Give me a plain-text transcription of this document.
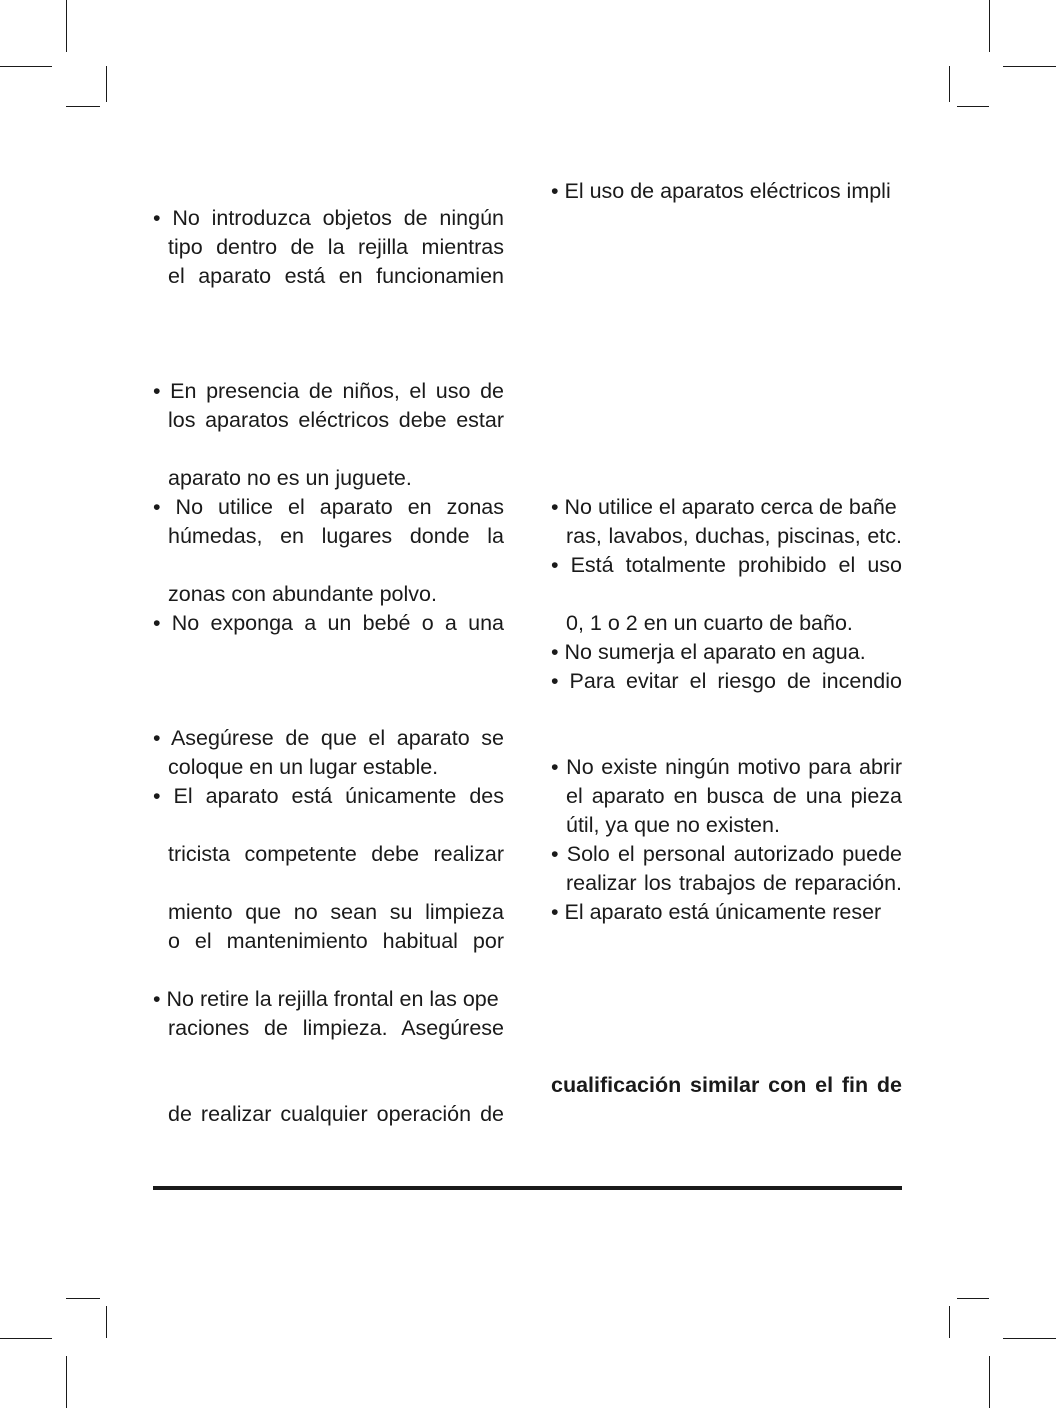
• No introduzca objetos de ningún
tipo dentro de la rejilla mientras
el aparato está en funcionamien
• En presencia de niños, el uso de
los aparatos eléctricos debe estar
aparato no es un juguete.
• No utilice el aparato en zonas
húmedas, en lugares donde la
zonas con abundante polvo.
• No exponga a un bebé o a una
• Asegúrese de que el aparato se
coloque en un lugar estable.
• El aparato está únicamente des
tricista competente debe realizar
miento que no sean su limpieza
o el mantenimiento habitual por
• No retire la rejilla frontal en las ope
raciones de limpieza. Asegúrese
de realizar cualquier operación de
• El uso de aparatos eléctricos impli
• No utilice el aparato cerca de bañe
ras, lavabos, duchas, piscinas, etc.
• Está totalmente prohibido el uso
0, 1 o 2 en un cuarto de baño.
• No sumerja el aparato en agua.
• Para evitar el riesgo de incendio
• No existe ningún motivo para abrir
el aparato en busca de una pieza
útil, ya que no existen.
• Solo el personal autorizado puede
realizar los trabajos de reparación.
• El aparato está únicamente reser
cualificación similar con el fin de
